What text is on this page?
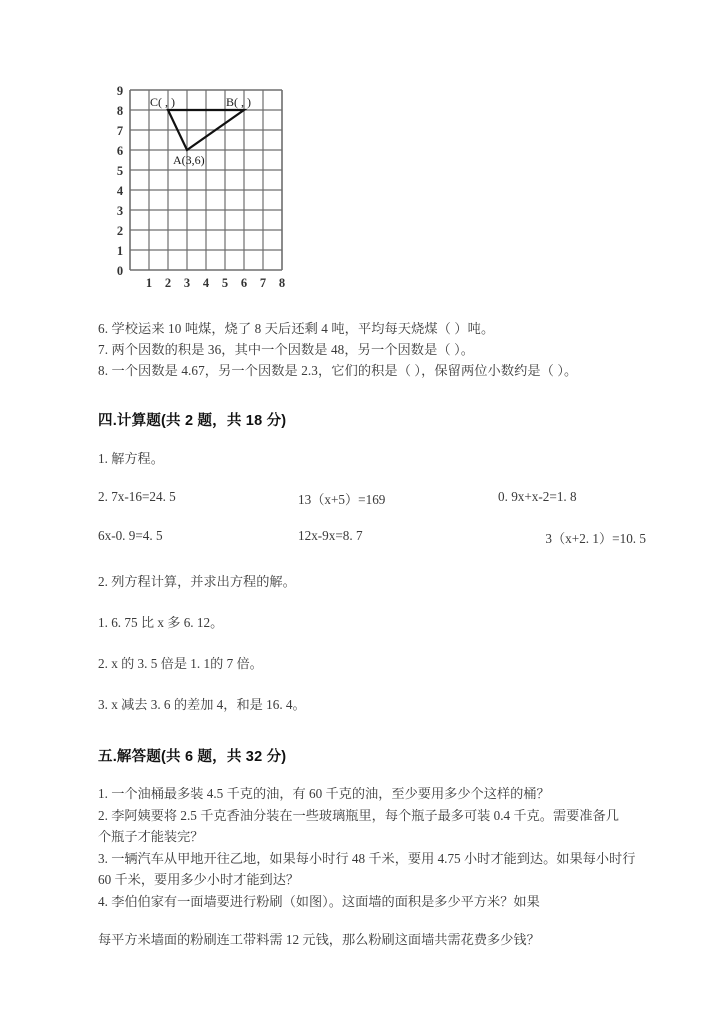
9
8
7
6
5
4
3
2
1
0
1 2 3 4 5 6 7 8
C( , )	B( , )
A(3,6)
6. 学校运来 10 吨煤，烧了 8 天后还剩 4 吨，平均每天烧煤（ ）吨。
7. 两个因数的积是 36，其中一个因数是 48，另一个因数是（ ）。
8. 一个因数是 4.67，另一个因数是 2.3，它们的积是（ ），保留两位小数约是（ ）。
四.计算题(共 2 题，共 18 分)
1. 解方程。
2. 7x-16=24. 5	13（x+5）=169	0. 9x+x-2=1. 8
6x-0. 9=4. 5	12x-9x=8. 7	3（x+2. 1）=10. 5
2. 列方程计算，并求出方程的解。
1. 6. 75 比 x 多 6. 12。
2. x 的 3. 5 倍是 1. 1的 7 倍。
3. x 减去 3. 6 的差加 4，和是 16. 4。
五.解答题(共 6 题，共 32 分)
1. 一个油桶最多装 4.5 千克的油，有 60 千克的油，至少要用多少个这样的桶？
2. 李阿姨要将 2.5 千克香油分装在一些玻璃瓶里，每个瓶子最多可装 0.4 千克。需要准备几个瓶子才能装完？
3. 一辆汽车从甲地开往乙地，如果每小时行 48 千米，要用 4.75 小时才能到达。如果每小时行 60 千米，要用多少小时才能到达？
4. 李伯伯家有一面墙要进行粉刷（如图）。这面墙的面积是多少平方米？如果
每平方米墙面的粉刷连工带料需 12 元钱，那么粉刷这面墙共需花费多少钱？
